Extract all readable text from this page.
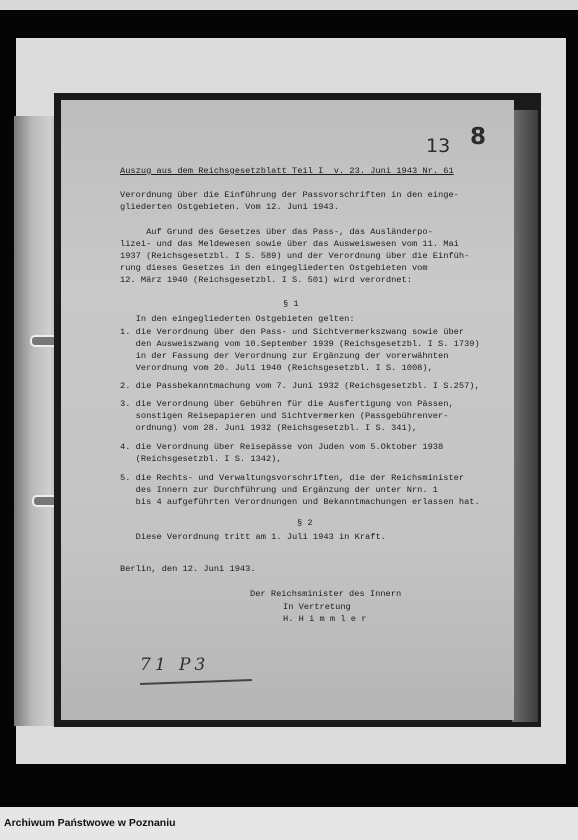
13 8
Auszug aus dem Reichsgesetzblatt Teil I  v. 23. Juni 1943 Nr. 61
Verordnung über die Einführung der Passvorschriften in den einge-
gliederten Ostgebieten. Vom 12. Juni 1943.
Auf Grund des Gesetzes über das Pass-, das Ausländerpo-
lizei- und das Meldewesen sowie über das Ausweiswesen vom 11. Mai
1937 (Reichsgesetzbl. I S. 589) und der Verordnung über die Einfüh-
rung dieses Gesetzes in den eingegliederten Ostgebieten vom
12. März 1940 (Reichsgesetzbl. I S. 501) wird verordnet:
§ 1
In den eingegliederten Ostgebieten gelten:
1. die Verordnung über den Pass- und Sichtvermerkszwang sowie über
den Ausweiszwang vom 10.September 1939 (Reichsgesetzbl. I S. 1739)
in der Fassung der Verordnung zur Ergänzung der vorerwähnten
Verordnung vom 20. Juli 1940 (Reichsgesetzbl. I S. 1008),
2. die Passbekanntmachung vom 7. Juni 1932 (Reichsgesetzbl. I S.257),
3. die Verordnung über Gebühren für die Ausfertigung von Pässen,
sonstigen Reisepapieren und Sichtvermerken (Passgebührenver-
ordnung) vom 28. Juni 1932 (Reichsgesetzbl. I S. 341),
4. die Verordnung über Reisepässe von Juden vom 5.Oktober 1938
(Reichsgesetzbl. I S. 1342),
5. die Rechts- und Verwaltungsvorschriften, die der Reichsminister
des Innern zur Durchführung und Ergänzung der unter Nrn. 1
bis 4 aufgeführten Verordnungen und Bekanntmachungen erlassen hat.
§ 2
Diese Verordnung tritt am 1. Juli 1943 in Kraft.
Berlin, den 12. Juni 1943.
Der Reichsminister des Innern
In Vertretung
H. H i m m l e r
71 P3
Archiwum Państwowe w Poznaniu
